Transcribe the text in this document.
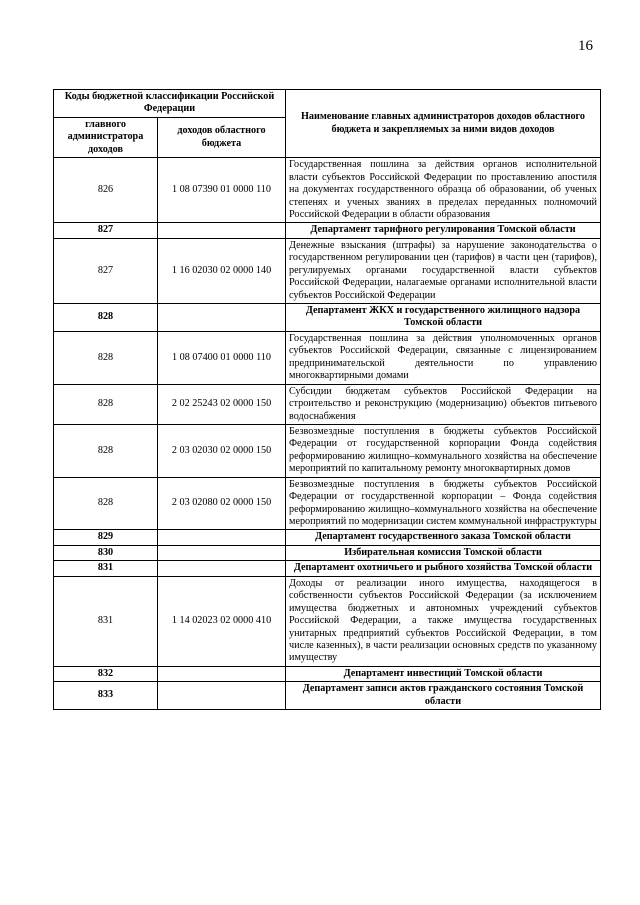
16
Коды бюджетной классификации Российской Федерации		Наименование главных администраторов доходов областного бюджета и закрепляемых за ними видов доходов
главного администратора доходов	доходов областного бюджета	
826	1 08 07390 01 0000 110	Государственная пошлина за действия органов исполнительной власти субъектов Российской Федерации по проставлению апостиля на документах государственного образца об образовании, об ученых степенях и ученых званиях в пределах переданных полномочий Российской Федерации в области образования
827		Департамент тарифного регулирования Томской области
827	1 16 02030 02 0000 140	Денежные взыскания (штрафы) за нарушение законодательства о государственном регулировании цен (тарифов) в части цен (тарифов), регулируемых органами государственной власти субъектов Российской Федерации, налагаемые органами исполнительной власти субъектов Российской Федерации
828		Департамент ЖКХ и государственного жилищного надзора Томской области
828	1 08 07400 01 0000 110	Государственная пошлина за действия уполномоченных органов субъектов Российской Федерации, связанные с лицензированием предпринимательской деятельности по управлению многоквартирными домами
828	2 02 25243 02 0000 150	Субсидии бюджетам субъектов Российской Федерации на строительство и реконструкцию (модернизацию) объектов питьевого водоснабжения
828	2 03 02030 02 0000 150	Безвозмездные поступления в бюджеты субъектов Российской Федерации от государственной корпорации Фонда содействия реформированию жилищно–коммунального хозяйства на обеспечение мероприятий по капитальному ремонту многоквартирных домов
828	2 03 02080 02 0000 150	Безвозмездные поступления в бюджеты субъектов Российской Федерации от государственной корпорации – Фонда содействия реформированию жилищно–коммунального хозяйства на обеспечение мероприятий по модернизации систем коммунальной инфраструктуры
829		Департамент государственного заказа Томской области
830		Избирательная комиссия Томской области
831		Департамент охотничьего и рыбного хозяйства Томской области
831	1 14 02023 02 0000 410	Доходы от реализации иного имущества, находящегося в собственности субъектов Российской Федерации (за исключением имущества бюджетных и автономных учреждений субъектов Российской Федерации, а также имущества государственных унитарных предприятий субъектов Российской Федерации, в том числе казенных), в части реализации основных средств по указанному имуществу
832		Департамент инвестиций Томской области
833		Департамент записи актов гражданского состояния Томской области
